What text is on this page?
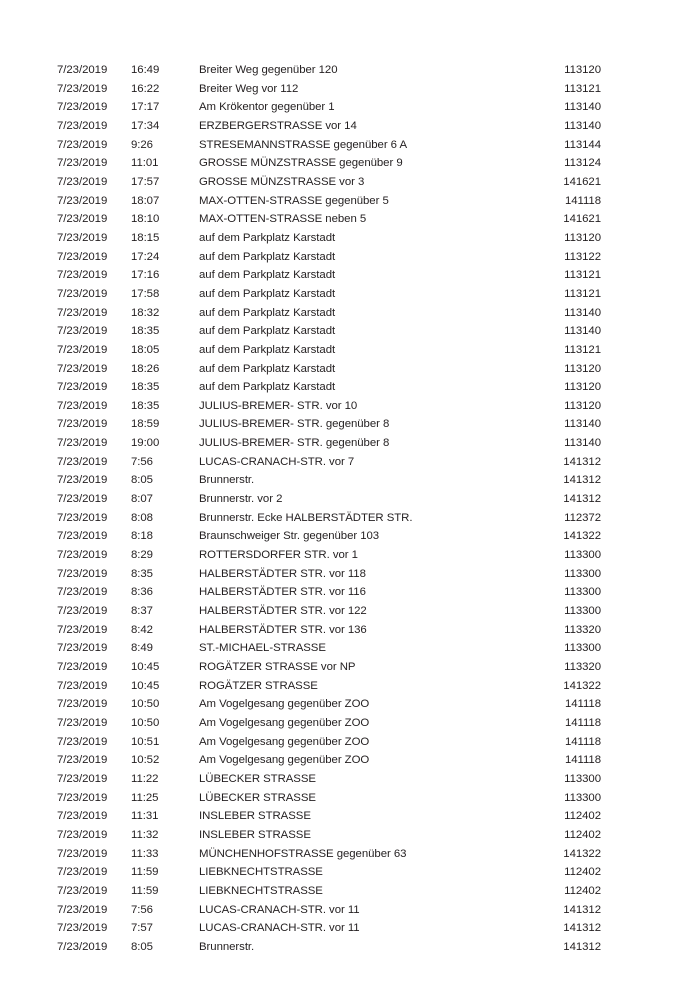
7/23/2019	16:49	Breiter Weg gegenüber 120	113120
7/23/2019	16:22	Breiter Weg vor 112	113121
7/23/2019	17:17	Am Krökentor gegenüber 1	113140
7/23/2019	17:34	ERZBERGERSTRASSE vor 14	113140
7/23/2019	9:26	STRESEMANNSTRASSE gegenüber 6 A	113144
7/23/2019	11:01	GROSSE MÜNZSTRASSE gegenüber 9	113124
7/23/2019	17:57	GROSSE MÜNZSTRASSE vor 3	141621
7/23/2019	18:07	MAX-OTTEN-STRASSE gegenüber 5	141118
7/23/2019	18:10	MAX-OTTEN-STRASSE neben 5	141621
7/23/2019	18:15	auf dem Parkplatz Karstadt	113120
7/23/2019	17:24	auf dem Parkplatz Karstadt	113122
7/23/2019	17:16	auf dem Parkplatz Karstadt	113121
7/23/2019	17:58	auf dem Parkplatz Karstadt	113121
7/23/2019	18:32	auf dem Parkplatz Karstadt	113140
7/23/2019	18:35	auf dem Parkplatz Karstadt	113140
7/23/2019	18:05	auf dem Parkplatz Karstadt	113121
7/23/2019	18:26	auf dem Parkplatz Karstadt	113120
7/23/2019	18:35	auf dem Parkplatz Karstadt	113120
7/23/2019	18:35	JULIUS-BREMER- STR. vor 10	113120
7/23/2019	18:59	JULIUS-BREMER- STR. gegenüber 8	113140
7/23/2019	19:00	JULIUS-BREMER- STR. gegenüber 8	113140
7/23/2019	7:56	LUCAS-CRANACH-STR. vor 7	141312
7/23/2019	8:05	Brunnerstr.	141312
7/23/2019	8:07	Brunnerstr. vor 2	141312
7/23/2019	8:08	Brunnerstr. Ecke HALBERSTÄDTER STR.	112372
7/23/2019	8:18	Braunschweiger Str. gegenüber 103	141322
7/23/2019	8:29	ROTTERSDORFER STR. vor 1	113300
7/23/2019	8:35	HALBERSTÄDTER STR. vor 118	113300
7/23/2019	8:36	HALBERSTÄDTER STR. vor 116	113300
7/23/2019	8:37	HALBERSTÄDTER STR. vor 122	113300
7/23/2019	8:42	HALBERSTÄDTER STR. vor 136	113320
7/23/2019	8:49	ST.-MICHAEL-STRASSE	113300
7/23/2019	10:45	ROGÄTZER STRASSE vor NP	113320
7/23/2019	10:45	ROGÄTZER STRASSE	141322
7/23/2019	10:50	Am Vogelgesang gegenüber ZOO	141118
7/23/2019	10:50	Am Vogelgesang gegenüber ZOO	141118
7/23/2019	10:51	Am Vogelgesang gegenüber ZOO	141118
7/23/2019	10:52	Am Vogelgesang gegenüber ZOO	141118
7/23/2019	11:22	LÜBECKER STRASSE	113300
7/23/2019	11:25	LÜBECKER STRASSE	113300
7/23/2019	11:31	INSLEBER STRASSE	112402
7/23/2019	11:32	INSLEBER STRASSE	112402
7/23/2019	11:33	MÜNCHENHOFSTRASSE gegenüber 63	141322
7/23/2019	11:59	LIEBKNECHTSTRASSE	112402
7/23/2019	11:59	LIEBKNECHTSTRASSE	112402
7/23/2019	7:56	LUCAS-CRANACH-STR. vor 11	141312
7/23/2019	7:57	LUCAS-CRANACH-STR. vor 11	141312
7/23/2019	8:05	Brunnerstr.	141312
